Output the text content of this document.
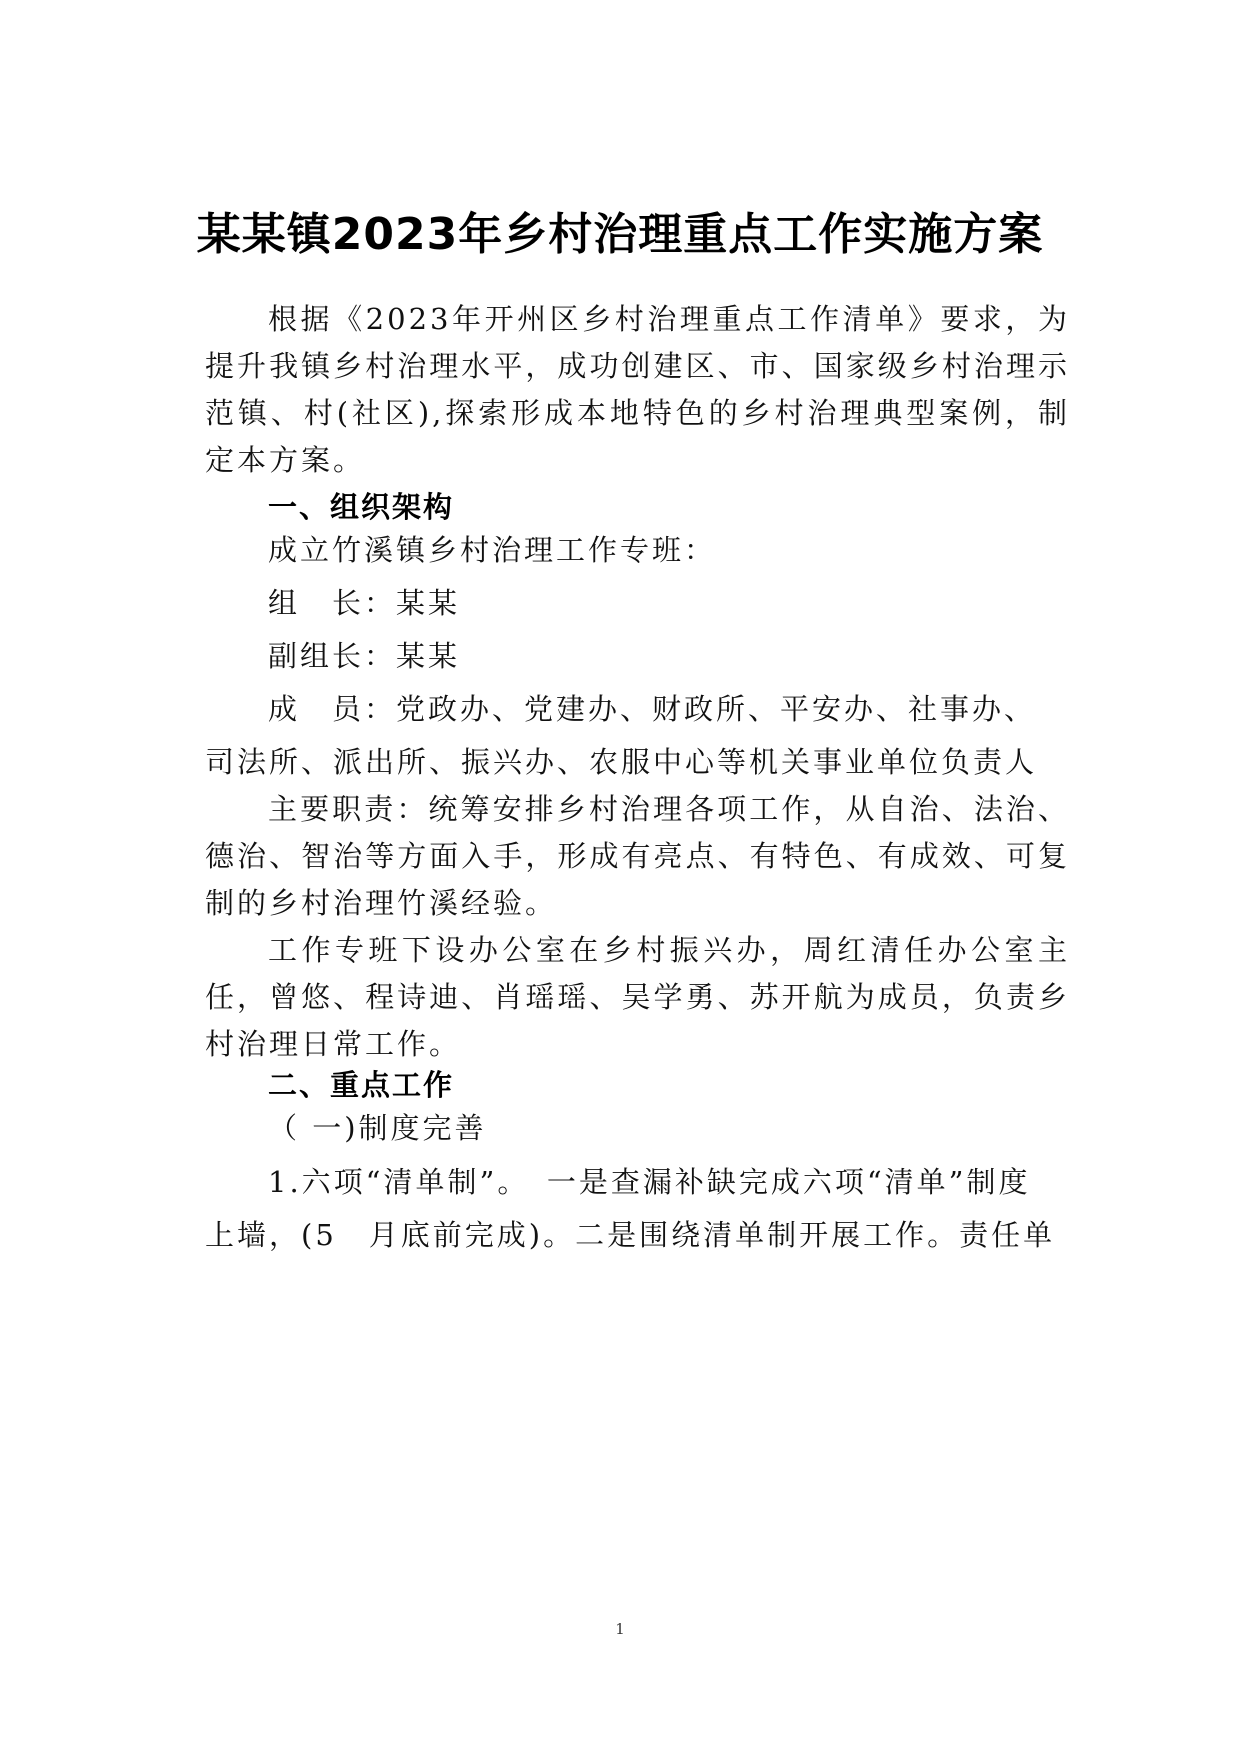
某某镇2023年乡村治理重点工作实施方案

根据《2023年开州区乡村治理重点工作清单》要求，为提升我镇乡村治理水平，成功创建区、市、国家级乡村治理示范镇、村(社区),探索形成本地特色的乡村治理典型案例，制定本方案。

一、组织架构
成立竹溪镇乡村治理工作专班：
组　长：某某
副组长：某某
成　员：党政办、党建办、财政所、平安办、社事办、
司法所、派出所、振兴办、农服中心等机关事业单位负责人

主要职责：统筹安排乡村治理各项工作，从自治、法治、德治、智治等方面入手，形成有亮点、有特色、有成效、可复制的乡村治理竹溪经验。

工作专班下设办公室在乡村振兴办，周红清任办公室主任，曾悠、程诗迪、肖瑶瑶、吴学勇、苏开航为成员，负责乡村治理日常工作。

二、重点工作
（ 一)制度完善
1.六项“清单制”。　一是查漏补缺完成六项“清单”制度
上墙，(5　月底前完成)。二是围绕清单制开展工作。责任单
1
